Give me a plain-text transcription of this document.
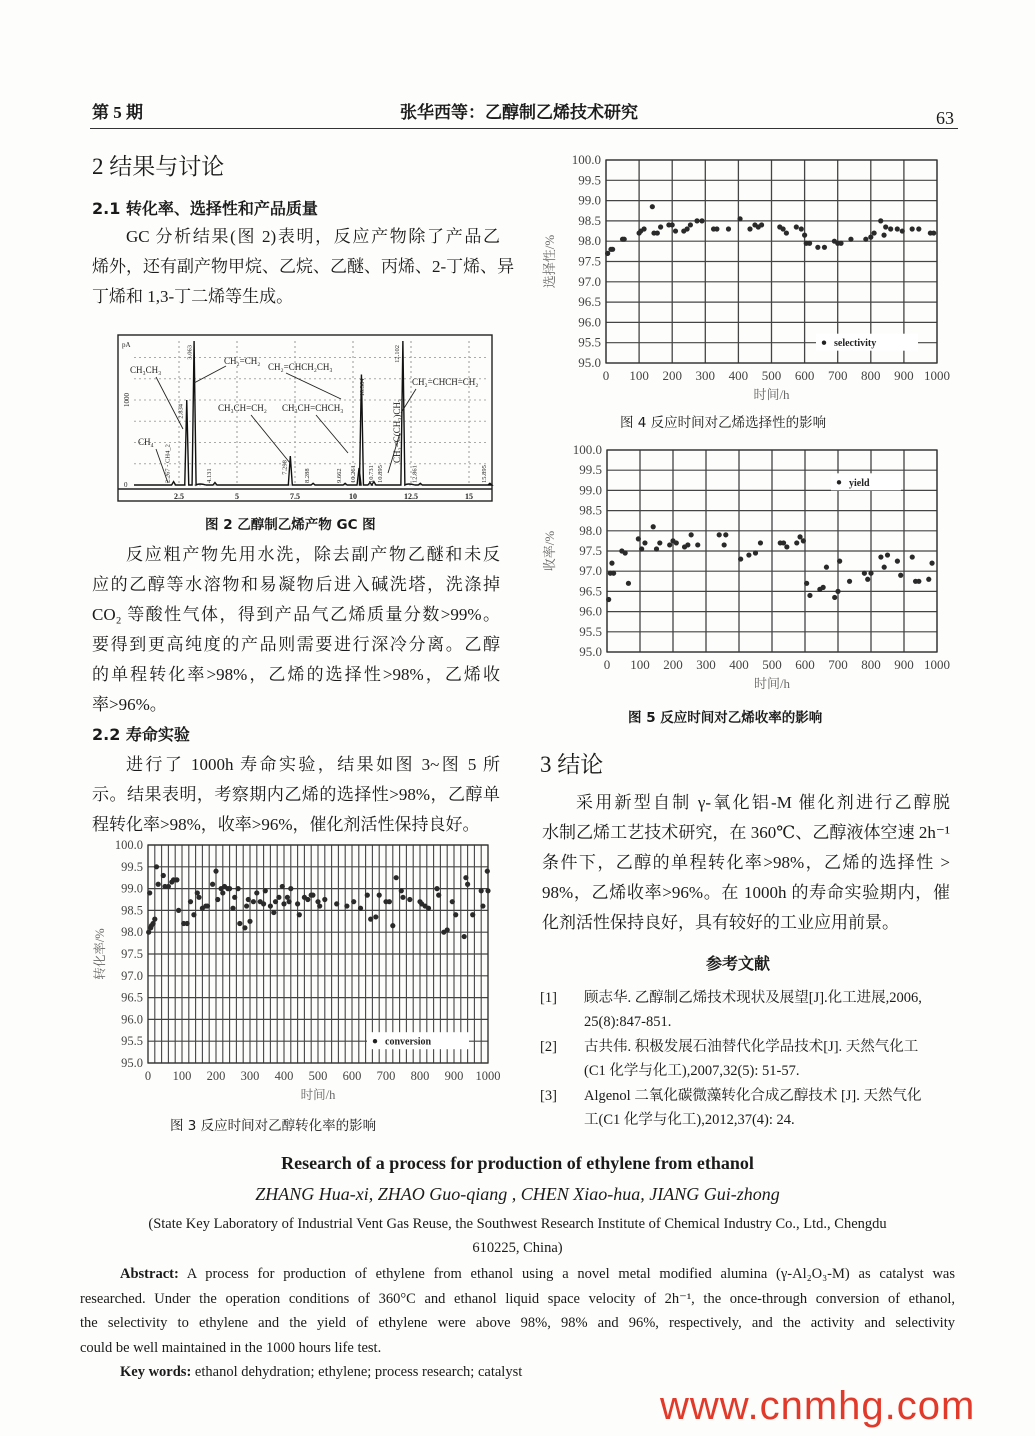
第 5 期	张华西等：乙醇制乙烯技术研究	63
2 结果与讨论
2.1 转化率、选择性和产品质量
GC 分析结果(图 2)表明，反应产物除了产品乙
烯外，还有副产物甲烷、乙烷、乙醚、丙烯、2-丁烯、异
丁烯和 1,3-丁二烯等生成。
pA
1000
0
2.5	5	7.5	10	12.5	15
2.267 - CH4_2
2.834
3.063
4.131
7.298
8.288	9.662 10.261
10.364
10.731 10.895
12.102
12.861	15.895
CH₃CH₃
CH₄
CH₂=CH₂
CH₂=CHCH₂CH₃
CH₃CH=CH₂ CH₃CH=CHCH₃	CH₂=C(CH₃)CH₃
CH₂=CHCH=CH₂
图 2 乙醇制乙烯产物 GC 图
反应粗产物先用水洗，除去副产物乙醚和未反
应的乙醇等水溶物和易凝物后进入碱洗塔，洗涤掉
CO₂ 等酸性气体，得到产品气乙烯质量分数>99%。
要得到更高纯度的产品则需要进行深冷分离。乙醇
的单程转化率>98%，乙烯的选择性>98%，乙烯收
率>96%。
2.2 寿命实验
进行了 1000h 寿命实验，结果如图 3~图 5 所
示。结果表明，考察期内乙烯的选择性>98%，乙醇单
程转化率>98%，收率>96%，催化剂活性保持良好。
95.0
95.5
96.0
96.5
97.0
97.5
98.0
98.5
99.0
99.5
100.0
0 100 200 300 400 500 600 700 800 900 1000
时间/h
转化率/%
conversion
图 3 反应时间对乙醇转化率的影响
95.0
95.5
96.0
96.5
97.0
97.5
98.0
98.5
99.0
99.5
100.0
0 100 200 300 400 500 600 700 800 900 1000
时间/h
选择性/%
selectivity
图 4 反应时间对乙烯选择性的影响
95.0
95.5
96.0
96.5
97.0
97.5
98.0
98.5
99.0
99.5
100.0
0 100 200 300 400 500 600 700 800 900 1000
时间/h
收率/%
yield
图 5 反应时间对乙烯收率的影响
3 结论
采用新型自制 γ-氧化铝-M 催化剂进行乙醇脱
水制乙烯工艺技术研究，在 360℃、乙醇液体空速 2h⁻¹
条件下，乙醇的单程转化率>98%，乙烯的选择性 >
98%，乙烯收率>96%。在 1000h 的寿命实验期内，催
化剂活性保持良好，具有较好的工业应用前景。
参考文献
[1] 顾志华. 乙醇制乙烯技术现状及展望[J].化工进展,2006,
25(8):847-851.
[2] 古共伟. 积极发展石油替代化学品技术[J]. 天然气化工
(C1 化学与化工),2007,32(5): 51-57.
[3] Algenol 二氧化碳微藻转化合成乙醇技术 [J]. 天然气化
工(C1 化学与化工),2012,37(4): 24.
Research of a process for production of ethylene from ethanol
ZHANG Hua-xi, ZHAO Guo-qiang , CHEN Xiao-hua, JIANG Gui-zhong
(State Key Laboratory of Industrial Vent Gas Reuse, the Southwest Research Institute of Chemical Industry Co., Ltd., Chengdu
610225, China)
Abstract: A process for production of ethylene from ethanol using a novel metal modified alumina (γ-Al₂O₃-M) as catalyst was
researched. Under the operation conditions of 360°C and ethanol liquid space velocity of 2h⁻¹, the once-through conversion of ethanol,
the selectivity to ethylene and the yield of ethylene were above 98%, 98% and 96%, respectively, and the activity and selectivity
could be well maintained in the 1000 hours life test.
Key words: ethanol dehydration; ethylene; process research; catalyst
www.cnmhg.com
